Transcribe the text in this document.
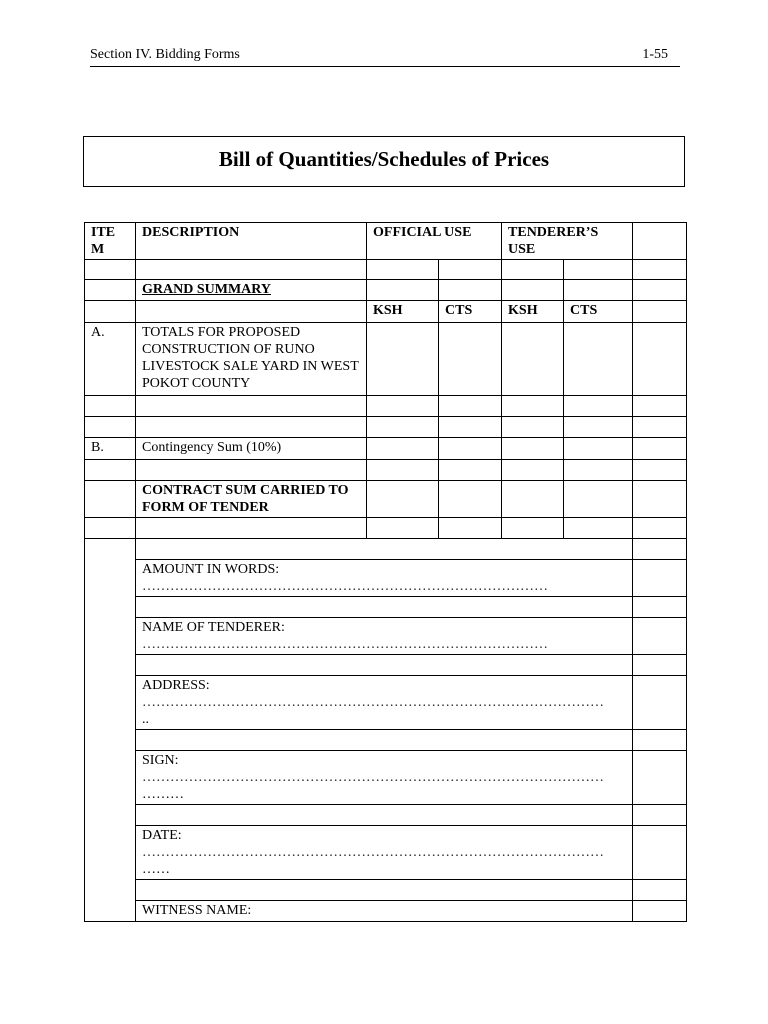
Section IV. Bidding Forms	1-55
Bill of Quantities/Schedules of Prices
ITE M	DESCRIPTION	OFFICIAL USE		TENDERER’S USE		

	GRAND SUMMARY					
		KSH	CTS	KSH	CTS	
A.	TOTALS FOR PROPOSED CONSTRUCTION OF RUNO LIVESTOCK SALE YARD IN WEST POKOT COUNTY					

B.	Contingency Sum (10%)					

	CONTRACT SUM CARRIED TO FORM OF TENDER					

	AMOUNT IN WORDS:
……………………………………………………………………………					

	NAME OF TENDERER:
……………………………………………………………………………					

	ADDRESS:
………………………………………………………………………………………
..					

	SIGN:
………………………………………………………………………………………
………					

	DATE:
………………………………………………………………………………………
……					

	WITNESS NAME:					
